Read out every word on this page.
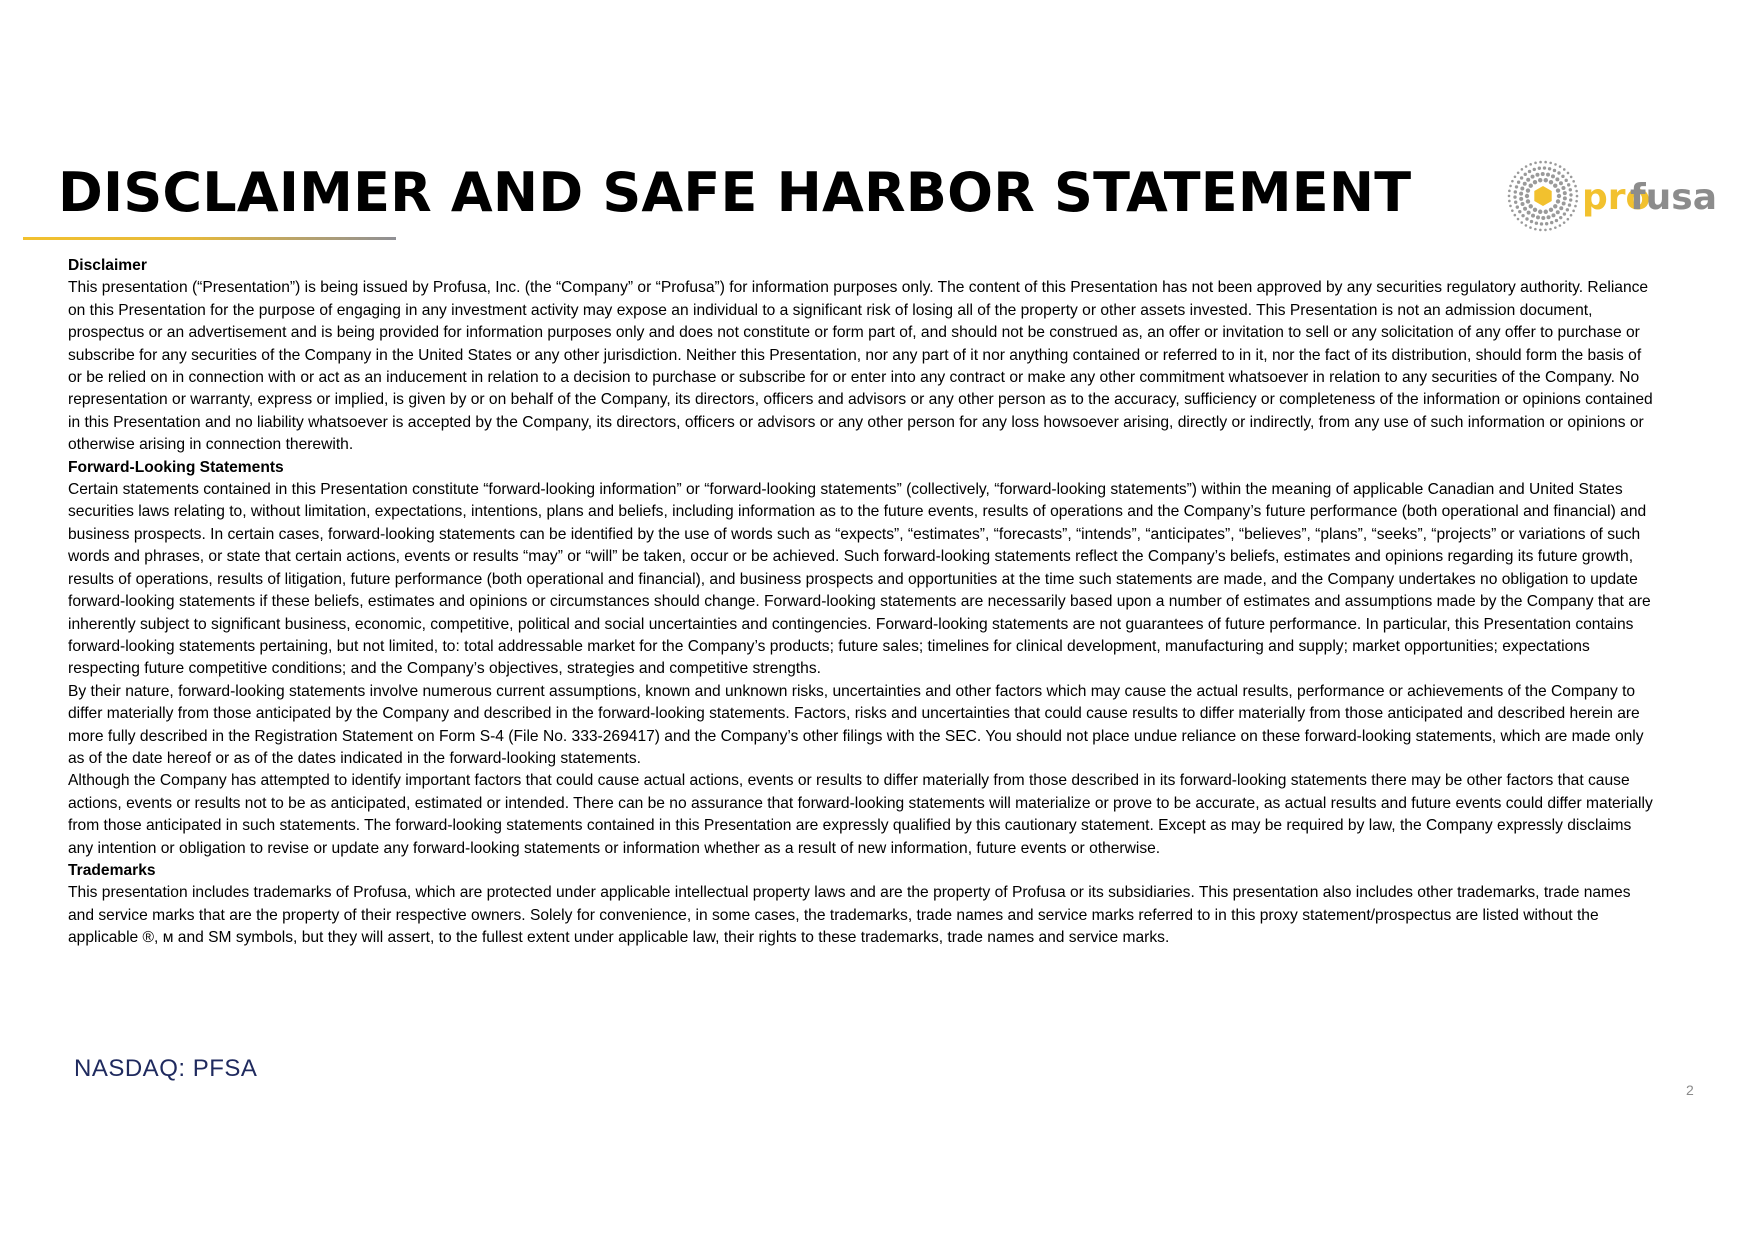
DISCLAIMER AND SAFE HARBOR STATEMENT	pro
fusa
Disclaimer

This presentation (“Presentation”) is being issued by Profusa, Inc. (the “Company” or “Profusa”) for information purposes only. The content of this Presentation has not been approved by any securities regulatory authority. Reliance on this Presentation for the purpose of engaging in any investment activity may expose an individual to a significant risk of losing all of the property or other assets invested. This Presentation is not an admission document, prospectus or an advertisement and is being provided for information purposes only and does not constitute or form part of, and should not be construed as, an offer or invitation to sell or any solicitation of any offer to purchase or subscribe for any securities of the Company in the United States or any other jurisdiction. Neither this Presentation, nor any part of it nor anything contained or referred to in it, nor the fact of its distribution, should form the basis of or be relied on in connection with or act as an inducement in relation to a decision to purchase or subscribe for or enter into any contract or make any other commitment whatsoever in relation to any securities of the Company. No representation or warranty, express or implied, is given by or on behalf of the Company, its directors, officers and advisors or any other person as to the accuracy, sufficiency or completeness of the information or opinions contained in this Presentation and no liability whatsoever is accepted by the Company, its directors, officers or advisors or any other person for any loss howsoever arising, directly or indirectly, from any use of such information or opinions or otherwise arising in connection therewith.

Forward-Looking Statements

Certain statements contained in this Presentation constitute “forward-looking information” or “forward-looking statements” (collectively, “forward-looking statements”) within the meaning of applicable Canadian and United States securities laws relating to, without limitation, expectations, intentions, plans and beliefs, including information as to the future events, results of operations and the Company’s future performance (both operational and financial) and business prospects. In certain cases, forward-looking statements can be identified by the use of words such as “expects”, “estimates”, “forecasts”, “intends”, “anticipates”, “believes”, “plans”, “seeks”, “projects” or variations of such words and phrases, or state that certain actions, events or results “may” or “will” be taken, occur or be achieved. Such forward-looking statements reflect the Company’s beliefs, estimates and opinions regarding its future growth, results of operations, results of litigation, future performance (both operational and financial), and business prospects and opportunities at the time such statements are made, and the Company undertakes no obligation to update forward-looking statements if these beliefs, estimates and opinions or circumstances should change. Forward-looking statements are necessarily based upon a number of estimates and assumptions made by the Company that are inherently subject to significant business, economic, competitive, political and social uncertainties and contingencies. Forward-looking statements are not guarantees of future performance. In particular, this Presentation contains forward-looking statements pertaining, but not limited, to: total addressable market for the Company’s products; future sales; timelines for clinical development, manufacturing and supply; market opportunities; expectations respecting future competitive conditions; and the Company’s objectives, strategies and competitive strengths.

By their nature, forward-looking statements involve numerous current assumptions, known and unknown risks, uncertainties and other factors which may cause the actual results, performance or achievements of the Company to differ materially from those anticipated by the Company and described in the forward-looking statements. Factors, risks and uncertainties that could cause results to differ materially from those anticipated and described herein are more fully described in the Registration Statement on Form S-4 (File No. 333-269417) and the Company’s other filings with the SEC. You should not place undue reliance on these forward-looking statements, which are made only as of the date hereof or as of the dates indicated in the forward-looking statements.

Although the Company has attempted to identify important factors that could cause actual actions, events or results to differ materially from those described in its forward-looking statements there may be other factors that cause actions, events or results not to be as anticipated, estimated or intended. There can be no assurance that forward-looking statements will materialize or prove to be accurate, as actual results and future events could differ materially from those anticipated in such statements. The forward-looking statements contained in this Presentation are expressly qualified by this cautionary statement. Except as may be required by law, the Company expressly disclaims any intention or obligation to revise or update any forward-looking statements or information whether as a result of new information, future events or otherwise.

Trademarks

This presentation includes trademarks of Profusa, which are protected under applicable intellectual property laws and are the property of Profusa or its subsidiaries. This presentation also includes other trademarks, trade names and service marks that are the property of their respective owners. Solely for convenience, in some cases, the trademarks, trade names and service marks referred to in this proxy statement/prospectus are listed without the applicable ®, ᴍ and SM symbols, but they will assert, to the fullest extent under applicable law, their rights to these trademarks, trade names and service marks.

NASDAQ: PFSA
2
